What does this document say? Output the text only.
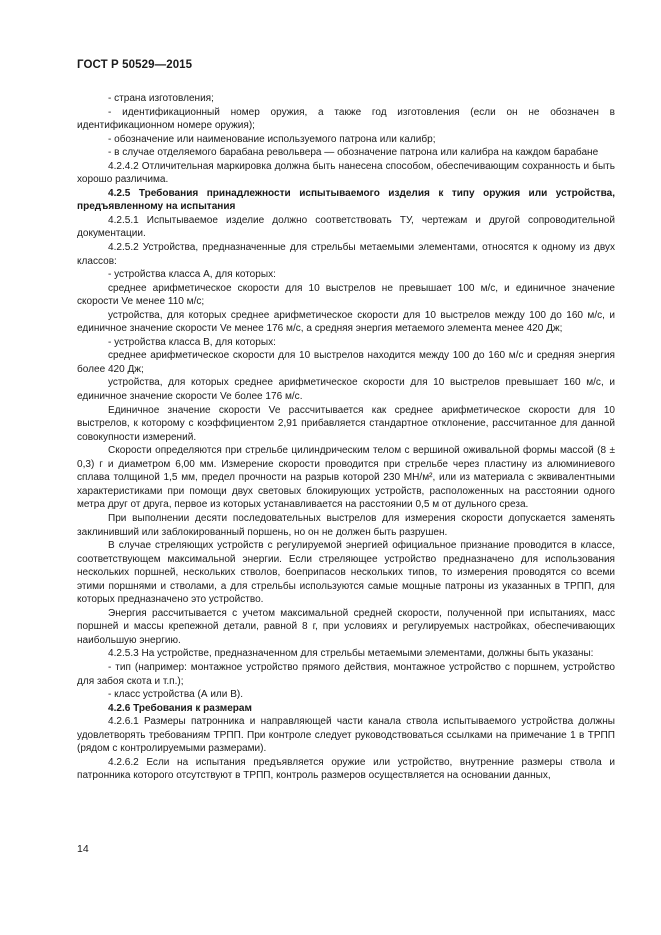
ГОСТ Р 50529—2015

- страна изготовления;

- идентификационный номер оружия, а также год изготовления (если он не обозначен в идентификационном номере оружия);

- обозначение или наименование используемого патрона или калибр;

- в случае отделяемого барабана револьвера — обозначение патрона или калибра на каждом барабане

4.2.4.2 Отличительная маркировка должна быть нанесена способом, обеспечивающим сохранность и быть хорошо различима.

4.2.5 Требования принадлежности испытываемого изделия к типу оружия или устройства, предъявленному на испытания

4.2.5.1 Испытываемое изделие должно соответствовать ТУ, чертежам и другой сопроводительной документации.

4.2.5.2 Устройства, предназначенные для стрельбы метаемыми элементами, относятся к одному из двух классов:

- устройства класса А, для которых:

среднее арифметическое скорости для 10 выстрелов не превышает 100 м/с, и единичное значение скорости Ve менее 110 м/с;

устройства, для которых среднее арифметическое скорости для 10 выстрелов между 100 до 160 м/с, и единичное значение скорости Ve менее 176 м/с, а средняя энергия метаемого элемента менее 420 Дж;

- устройства класса В, для которых:

среднее арифметическое скорости для 10 выстрелов находится между 100 до 160 м/с и средняя энергия более 420 Дж;

устройства, для которых среднее арифметическое скорости для 10 выстрелов превышает 160 м/с, и единичное значение скорости Ve более 176 м/с.

Единичное значение скорости Ve рассчитывается как среднее арифметическое скорости для 10 выстрелов, к которому с коэффициентом 2,91 прибавляется стандартное отклонение, рассчитанное для данной совокупности измерений.

Скорости определяются при стрельбе цилиндрическим телом с вершиной оживальной формы массой (8 ± 0,3) г и диаметром 6,00 мм. Измерение скорости проводится при стрельбе через пластину из алюминиевого сплава толщиной 1,5 мм, предел прочности на разрыв которой 230 МН/м², или из материала с эквивалентными характеристиками при помощи двух световых блокирующих устройств, расположенных на расстоянии одного метра друг от друга, первое из которых устанавливается на расстоянии 0,5 м от дульного среза.

При выполнении десяти последовательных выстрелов для измерения скорости допускается заменять заклинивший или заблокированный поршень, но он не должен быть разрушен.

В случае стреляющих устройств с регулируемой энергией официальное признание проводится в классе, соответствующем максимальной энергии. Если стреляющее устройство предназначено для использования нескольких поршней, нескольких стволов, боеприпасов нескольких типов, то измерения проводятся со всеми этими поршнями и стволами, а для стрельбы используются самые мощные патроны из указанных в ТРПП, для которых предназначено это устройство.

Энергия рассчитывается с учетом максимальной средней скорости, полученной при испытаниях, масс поршней и массы крепежной детали, равной 8 г, при условиях и регулируемых настройках, обеспечивающих наибольшую энергию.

4.2.5.3 На устройстве, предназначенном для стрельбы метаемыми элементами, должны быть указаны:

- тип (например: монтажное устройство прямого действия, монтажное устройство с поршнем, устройство для забоя скота и т.п.);

- класс устройства (А или В).

4.2.6 Требования к размерам

4.2.6.1 Размеры патронника и направляющей части канала ствола испытываемого устройства должны удовлетворять требованиям ТРПП. При контроле следует руководствоваться ссылками на примечание 1 в ТРПП (рядом с контролируемыми размерами).

4.2.6.2 Если на испытания предъявляется оружие или устройство, внутренние размеры ствола и патронника которого отсутствуют в ТРПП, контроль размеров осуществляется на основании данных,

14
